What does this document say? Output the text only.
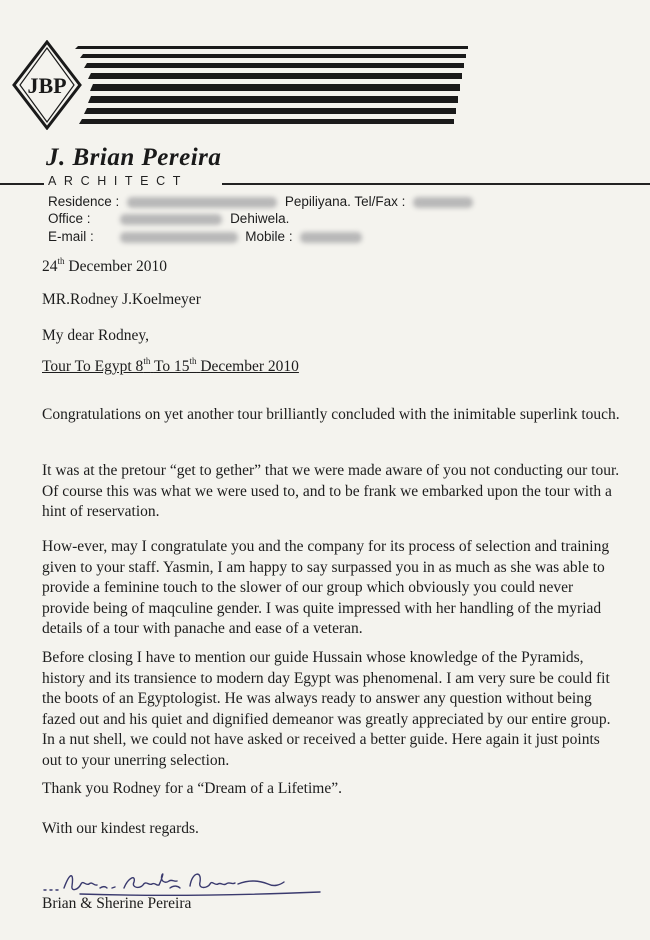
JBP
J. Brian Pereira
ARCHITECT
Residence :	Pepiliyana. Tel/Fax :
Office :	Dehiwela.
E-mail :	Mobile :
24th December 2010
MR.Rodney J.Koelmeyer
My dear Rodney,
Tour To Egypt 8th To 15th December 2010
Congratulations on yet another tour brilliantly concluded with the inimitable superlink touch.
It was at the pretour “get to gether” that we were made aware of you not conducting our tour. Of course this was what we were used to, and to be frank we embarked upon the tour with a hint of reservation.
How-ever, may I congratulate you and the company for its process of selection and training given to your staff. Yasmin, I am happy to say surpassed you in as much as she was able to provide a feminine touch to the slower of our group which obviously you could never provide being of maqculine gender. I was quite impressed with her handling of the myriad details of a tour with panache and ease of a veteran.
Before closing I have to mention our guide Hussain whose knowledge of the Pyramids, history and its transience to modern day Egypt was phenomenal. I am very sure be could fit the boots of an Egyptologist. He was always ready to answer any question without being fazed out and his quiet and dignified demeanor was greatly appreciated by our entire group. In a nut shell, we could not have asked or received a better guide. Here again it just points out to your unerring selection.
Thank you Rodney for a “Dream of a Lifetime”.
With our kindest regards.
Brian & Sherine Pereira
